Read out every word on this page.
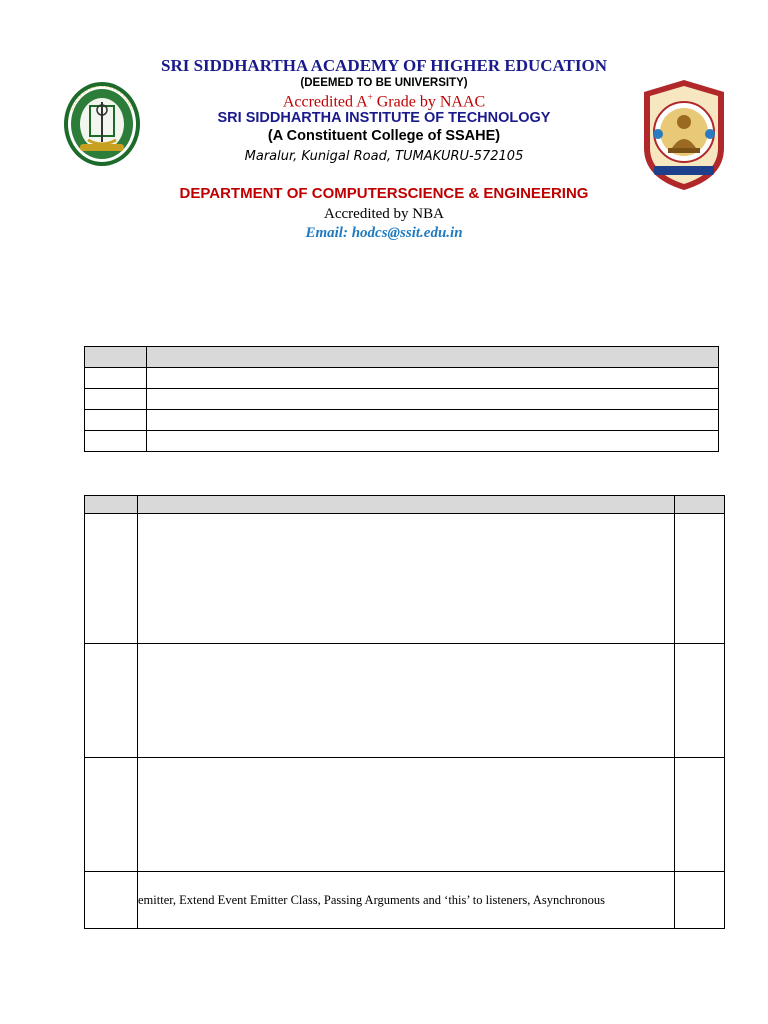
SRI SIDDHARTHA ACADEMY OF HIGHER EDUCATION
(DEEMED TO BE UNIVERSITY)
Accredited A+ Grade by NAAC
SRI SIDDHARTHA INSTITUTE OF TECHNOLOGY
(A Constituent College of SSAHE)
Maralur, Kunigal Road, TUMAKURU-572105
DEPARTMENT OF COMPUTERSCIENCE & ENGINEERING
Accredited by NBA
Email: hodcs@ssit.edu.in

	emitter, Extend Event Emitter Class, Passing Arguments and ‘this’ to listeners, Asynchronous	
